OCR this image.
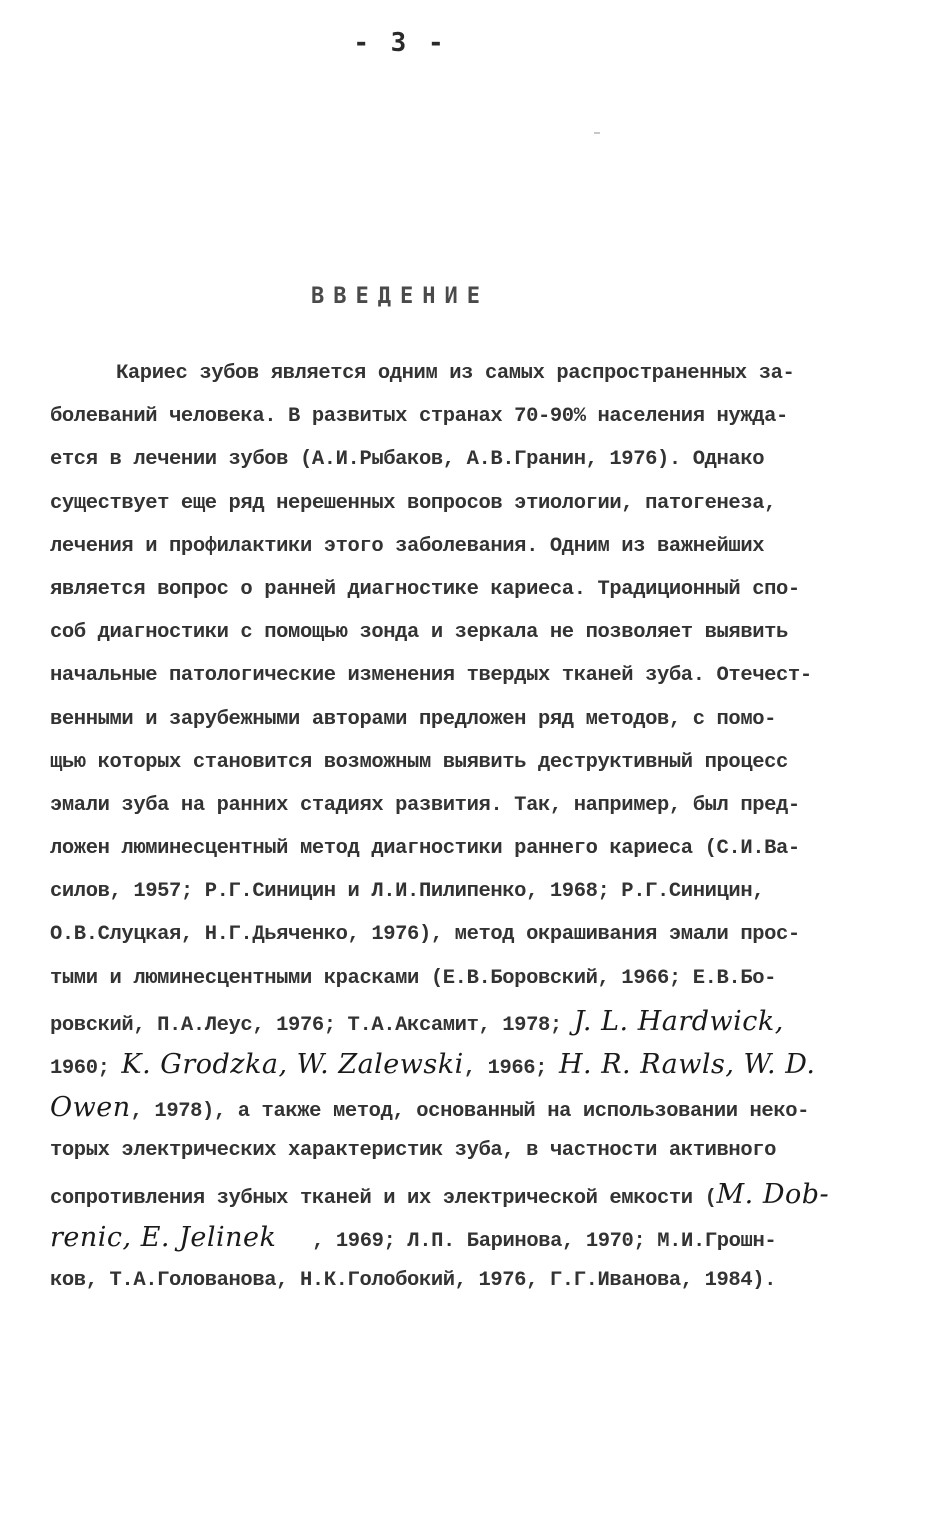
- 3 -
ВВЕДЕНИЕ
Кариес зубов является одним из самых распространенных за-
болеваний человека. В развитых странах 70-90% населения нужда-
ется в лечении зубов (А.И.Рыбаков, А.В.Гранин, 1976). Однако
существует еще ряд нерешенных вопросов этиологии, патогенеза,
лечения и профилактики этого заболевания. Одним из важнейших
является вопрос о ранней диагностике кариеса. Традиционный спо-
соб диагностики с помощью зонда и зеркала не позволяет выявить
начальные патологические изменения твердых тканей зуба. Отечест-
венными и зарубежными авторами предложен ряд методов, с помо-
щью которых становится возможным выявить деструктивный процесс
эмали зуба на ранних стадиях развития. Так, например, был пред-
ложен люминесцентный метод диагностики раннего кариеса (С.И.Ва-
силов, 1957; Р.Г.Синицин и Л.И.Пилипенко, 1968; Р.Г.Синицин,
О.В.Слуцкая, Н.Г.Дьяченко, 1976), метод окрашивания эмали прос-
тыми и люминесцентными красками (Е.В.Боровский, 1966; Е.В.Бо-
ровский, П.А.Леус, 1976; Т.А.Аксамит, 1978; J. L. Hardwick,
1960; K. Grodzka, W. Zalewski, 1966; H. R. Rawls, W. D.
Owen, 1978), а также метод, основанный на использовании неко-
торых электрических характеристик зуба, в частности активного
сопротивления зубных тканей и их электрической емкости (M. Dob-
renic, E. Jelinek   , 1969; Л.П. Баринова, 1970; М.И.Грошн-
ков, Т.А.Голованова, Н.К.Голобокий, 1976, Г.Г.Иванова, 1984).
